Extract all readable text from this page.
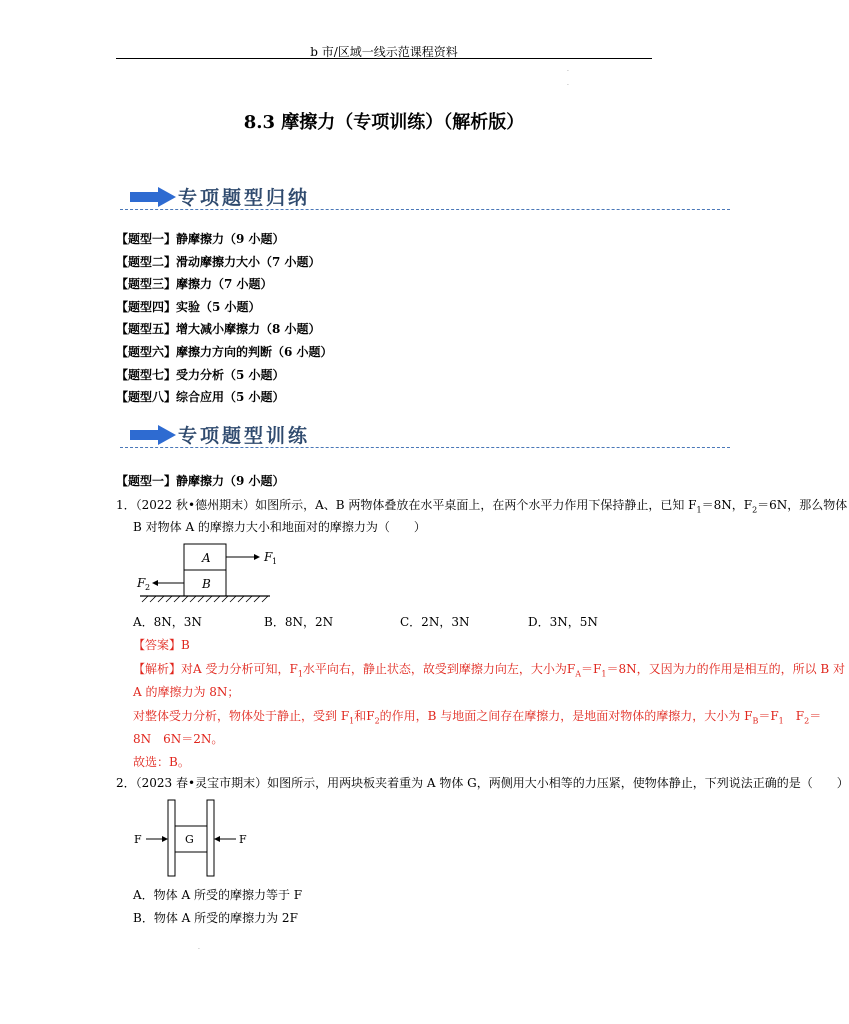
b 市/区域一线示范课程资料
·
·
8.3 摩擦力（专项训练）（解析版）
专项题型归纳
【题型一】静摩擦力（9 小题）
【题型二】滑动摩擦力大小（7 小题）
【题型三】摩擦力（7 小题）
【题型四】实验（5 小题）
【题型五】增大减小摩擦力（8 小题）
【题型六】摩擦力方向的判断（6 小题）
【题型七】受力分析（5 小题）
【题型八】综合应用（5 小题）
专项题型训练
【题型一】静摩擦力（9 小题）
1．（2022 秋•德州期末）如图所示，A、B 两物体叠放在水平桌面上，在两个水平力作用下保持静止，已知 $F_1=8N$，$F_2=6N$，那么物体
B 对物体 A 的摩擦力大小和地面对的摩擦力为（　　）
A
B
F 1
F 2
A．8N，3N	B．8N，2N	C．2N，3N	D．3N，5N
【答案】B
【解析】对A 受力分析可知，$F_1$水平向右，静止状态，故受到摩擦力向左，大小为$F_A=F_1=8N$，又因为力的作用是相互的，所以 B 对
A 的摩擦力为 8N；
对整体受力分析，物体处于静止，受到 $F_1$和$F_2$的作用，B 与地面之间存在摩擦力，是地面对物体的摩擦力，大小为 $F_B=F_1$　$F_2=$
8N　6N＝2N。
故选：B。
2．（2023 春•灵宝市期末）如图所示，用两块板夹着重为 A 物体 G，两侧用大小相等的力压紧，使物体静止，下列说法正确的是（　　）
G
F	F
A．物体 A 所受的摩擦力等于 F
B．物体 A 所受的摩擦力为 2F
·
